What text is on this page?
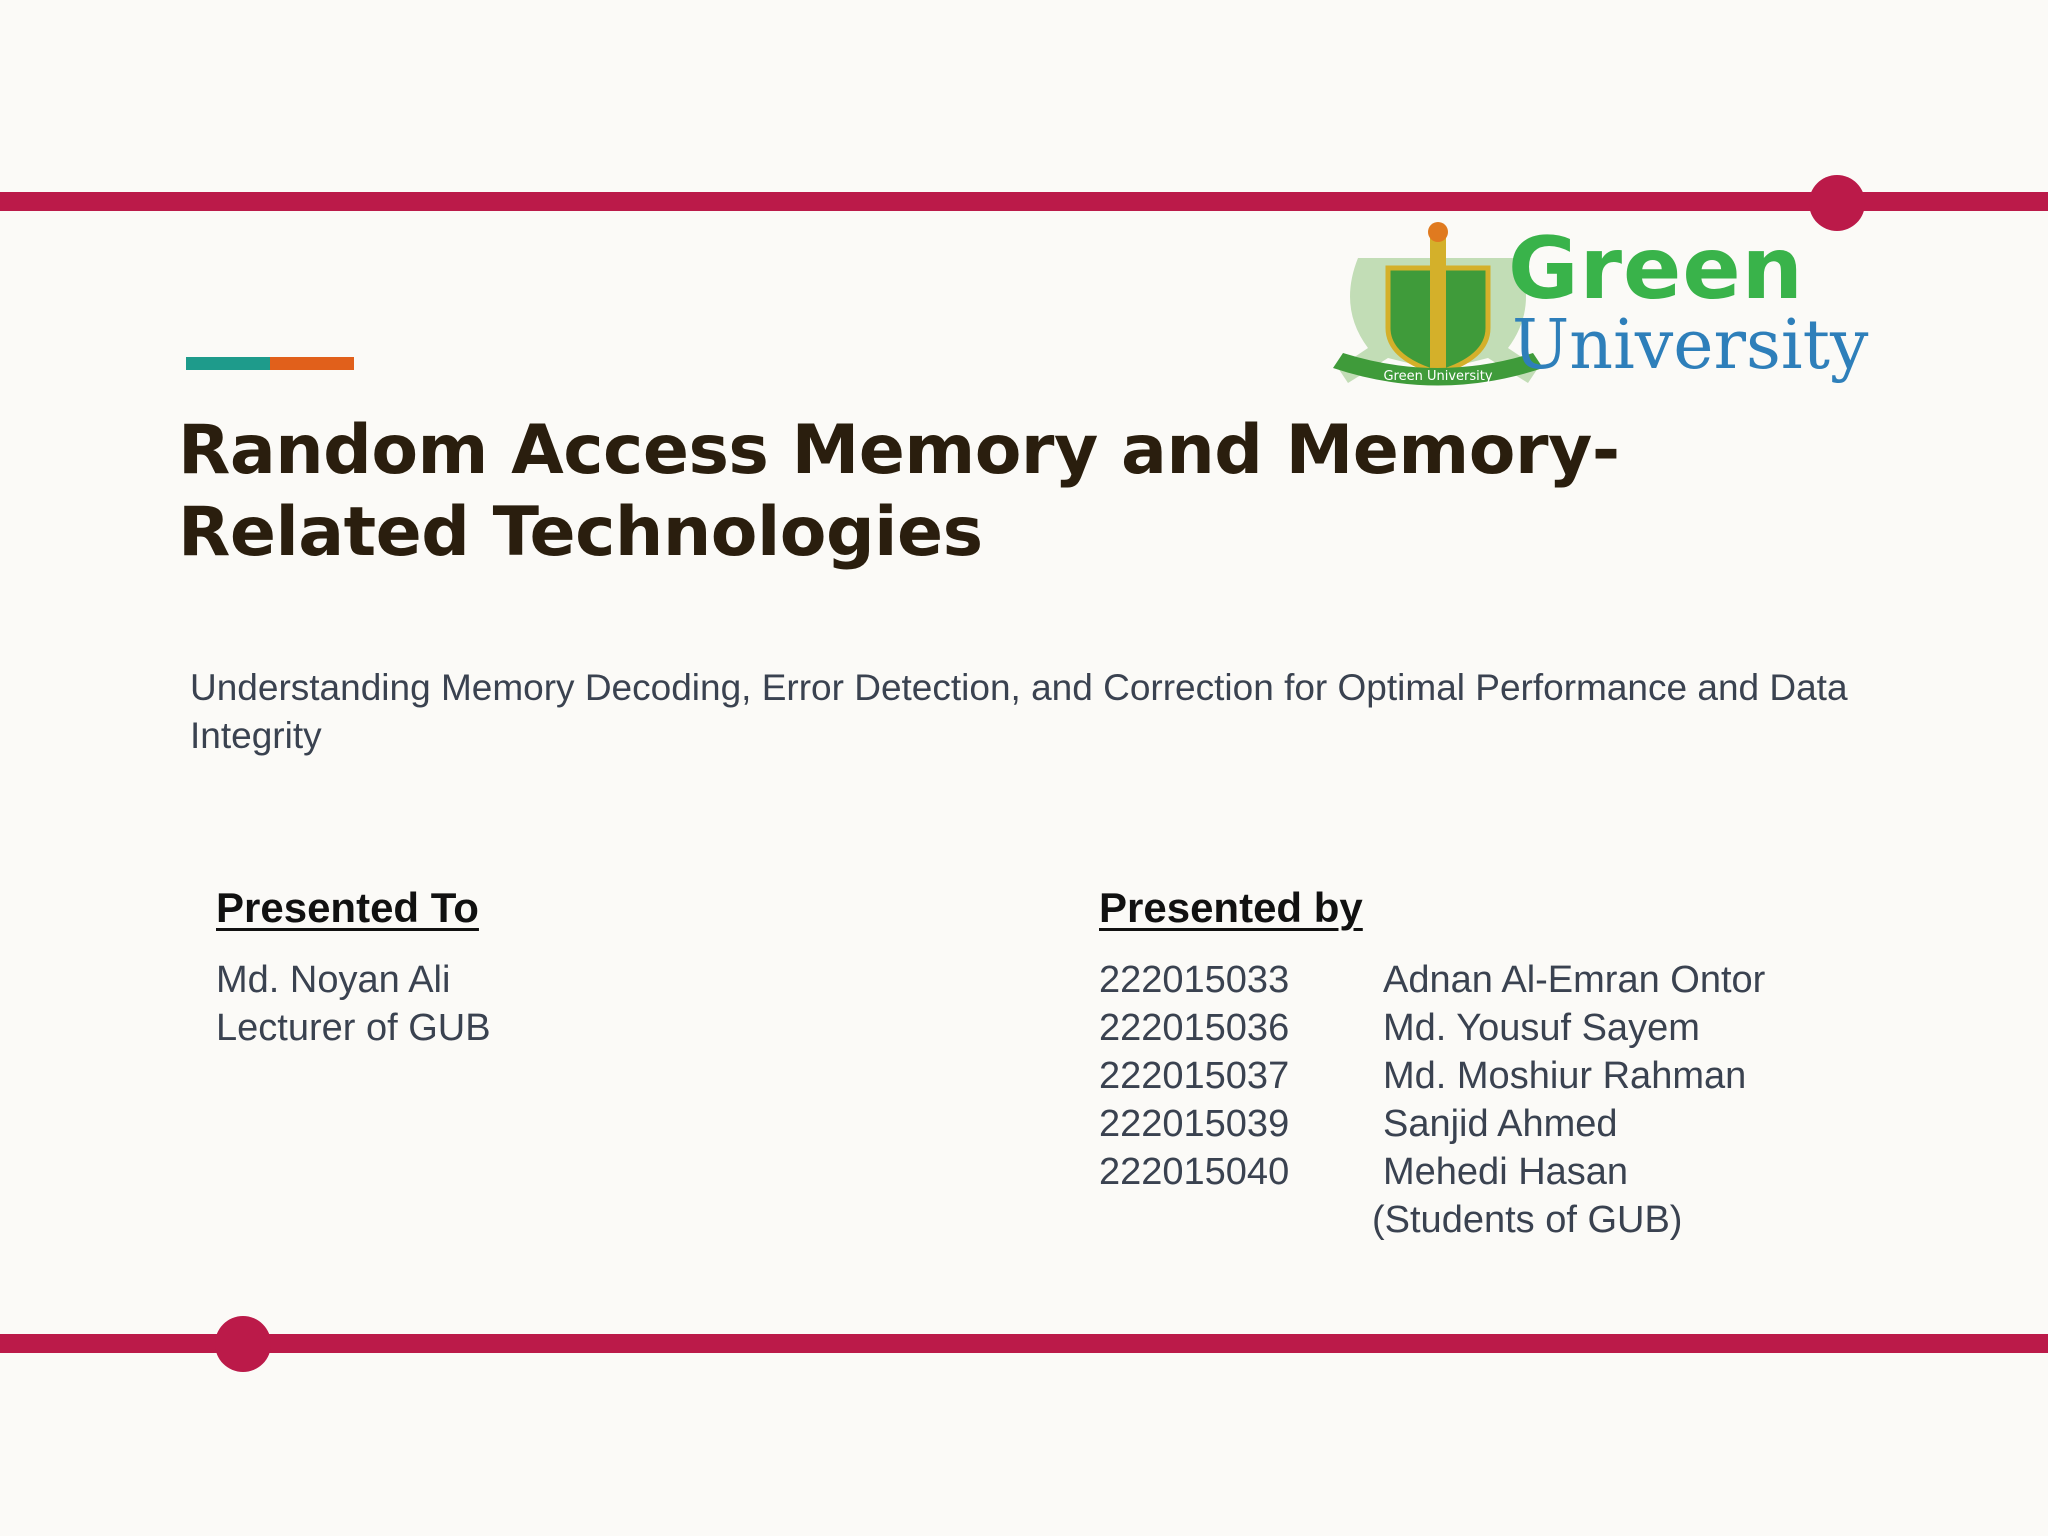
Green University
Green
University
Random Access Memory and Memory-Related Technologies

Understanding Memory Decoding, Error Detection, and Correction for Optimal Performance and Data Integrity

Presented To
Md. Noyan Ali
Lecturer of GUB
Presented by
222015033	Adnan Al-Emran Ontor
222015036	Md. Yousuf Sayem
222015037	Md. Moshiur Rahman
222015039	Sanjid Ahmed
222015040	Mehedi Hasan
(Students of GUB)
